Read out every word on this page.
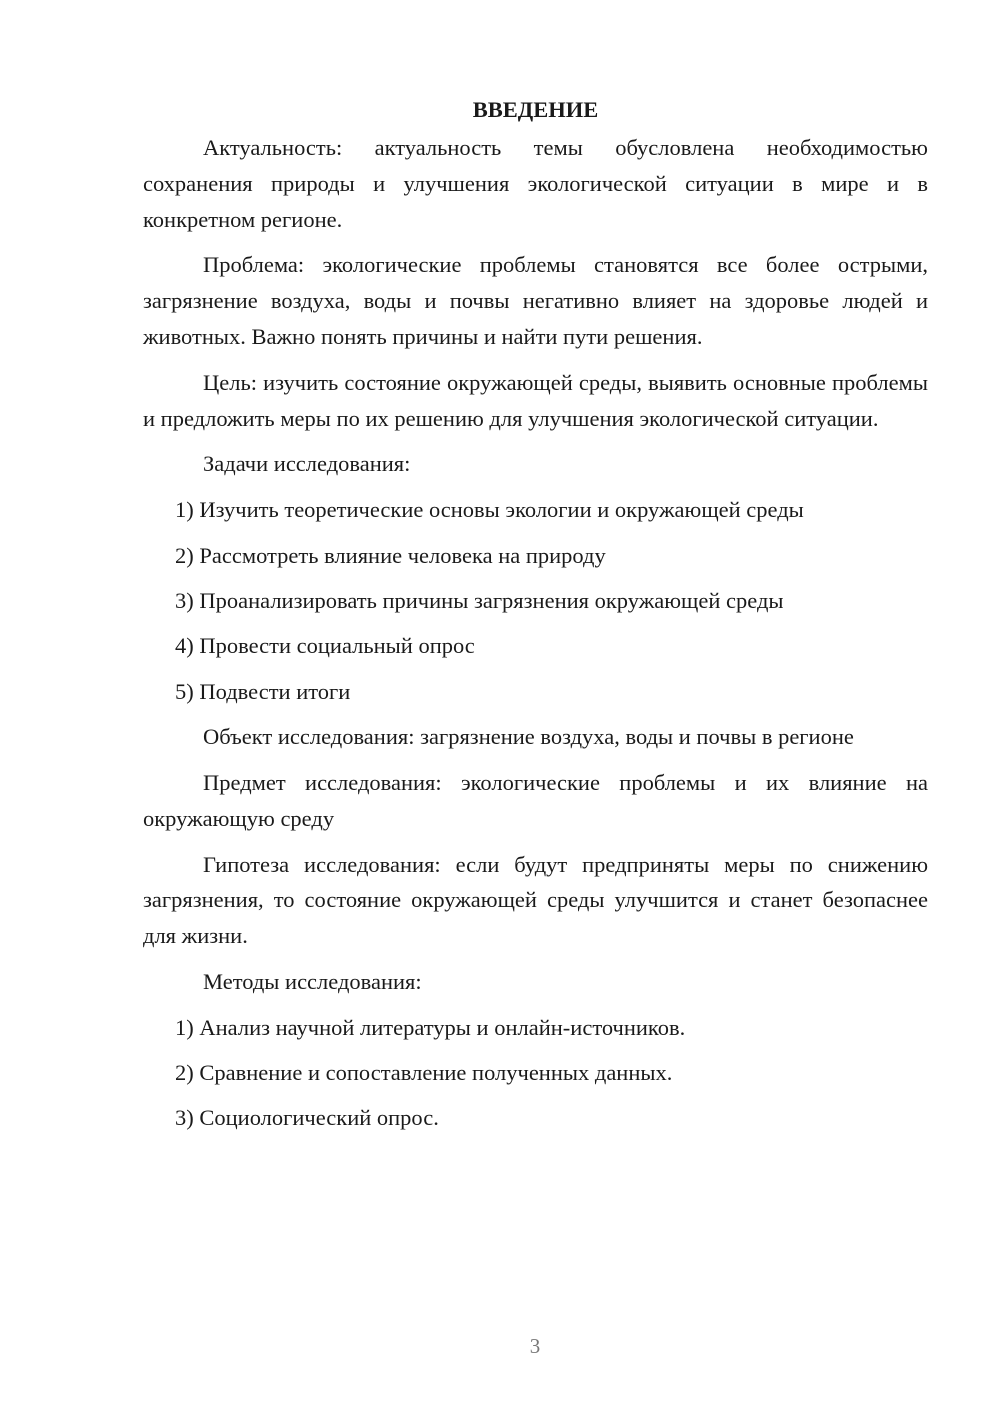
ВВЕДЕНИЕ

Актуальность: актуальность темы обусловлена необходимостью сохранения природы и улучшения экологической ситуации в мире и в конкретном регионе.

Проблема: экологические проблемы становятся все более острыми, загрязнение воздуха, воды и почвы негативно влияет на здоровье людей и животных. Важно понять причины и найти пути решения.

Цель: изучить состояние окружающей среды, выявить основные проблемы и предложить меры по их решению для улучшения экологической ситуации.

Задачи исследования:

1) Изучить теоретические основы экологии и окружающей среды
2) Рассмотреть влияние человека на природу
3) Проанализировать причины загрязнения окружающей среды
4) Провести социальный опрос
5) Подвести итоги

Объект исследования: загрязнение воздуха, воды и почвы в регионе

Предмет исследования: экологические проблемы и их влияние на окружающую среду

Гипотеза исследования: если будут предприняты меры по снижению загрязнения, то состояние окружающей среды улучшится и станет безопаснее для жизни.

Методы исследования:

1) Анализ научной литературы и онлайн-источников.
2) Сравнение и сопоставление полученных данных.
3) Социологический опрос.
3
